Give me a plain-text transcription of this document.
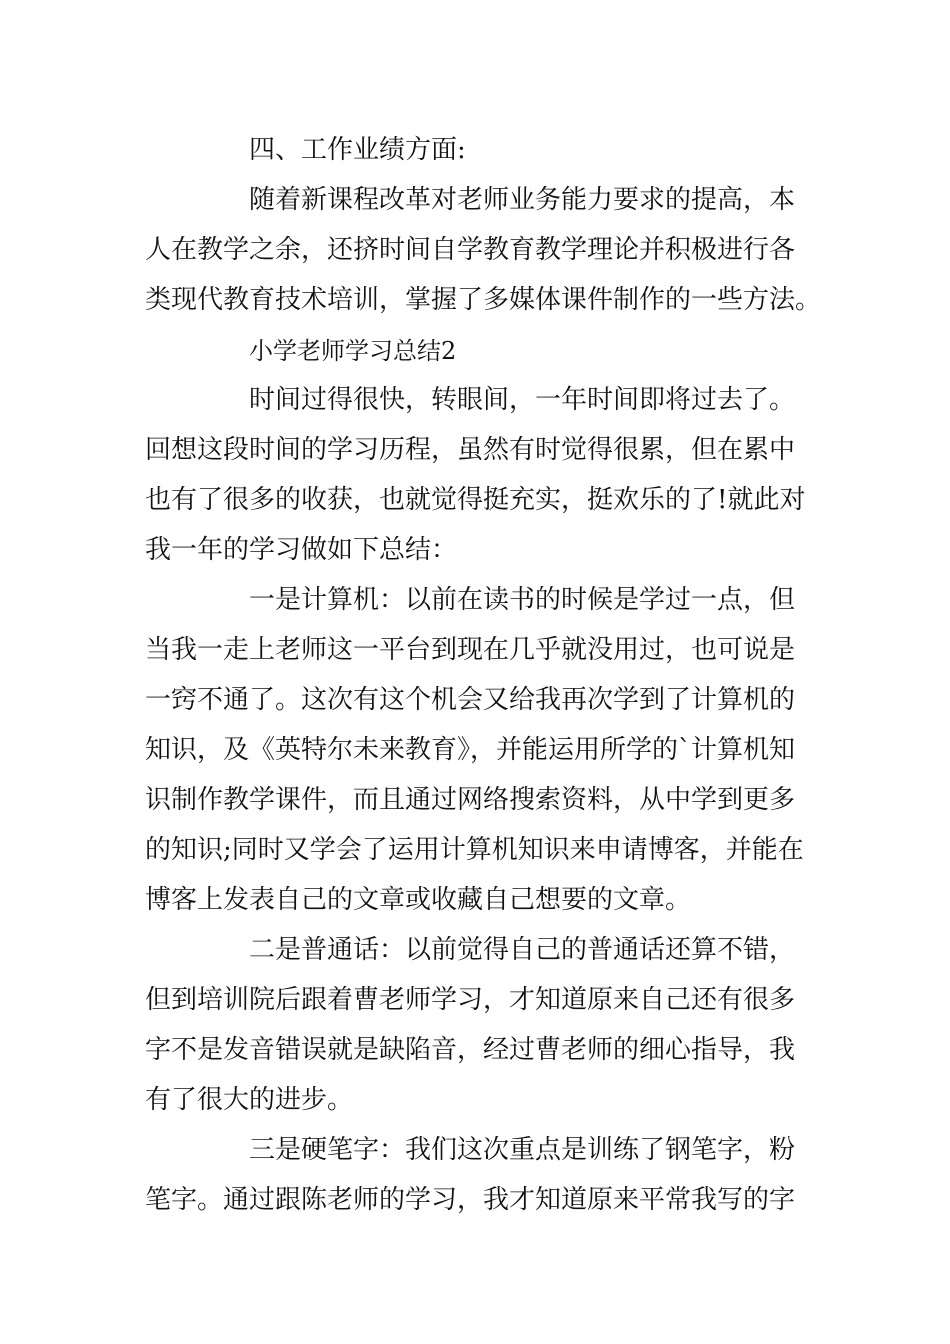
四、工作业绩方面:
随着新课程改革对老师业务能力要求的提高，本
人在教学之余，还挤时间自学教育教学理论并积极进行各
类现代教育技术培训，掌握了多媒体课件制作的一些方法。
小学老师学习总结2
时间过得很快，转眼间，一年时间即将过去了。
回想这段时间的学习历程，虽然有时觉得很累，但在累中
也有了很多的收获，也就觉得挺充实，挺欢乐的了!就此对
我一年的学习做如下总结：
一是计算机：以前在读书的时候是学过一点，但
当我一走上老师这一平台到现在几乎就没用过，也可说是
一窍不通了。这次有这个机会又给我再次学到了计算机的
知识，及《英特尔未来教育》，并能运用所学的`计算机知
识制作教学课件，而且通过网络搜索资料，从中学到更多
的知识;同时又学会了运用计算机知识来申请博客，并能在
博客上发表自己的文章或收藏自己想要的文章。
二是普通话：以前觉得自己的普通话还算不错，
但到培训院后跟着曹老师学习，才知道原来自己还有很多
字不是发音错误就是缺陷音，经过曹老师的细心指导，我
有了很大的进步。
三是硬笔字：我们这次重点是训练了钢笔字，粉
笔字。通过跟陈老师的学习，我才知道原来平常我写的字
